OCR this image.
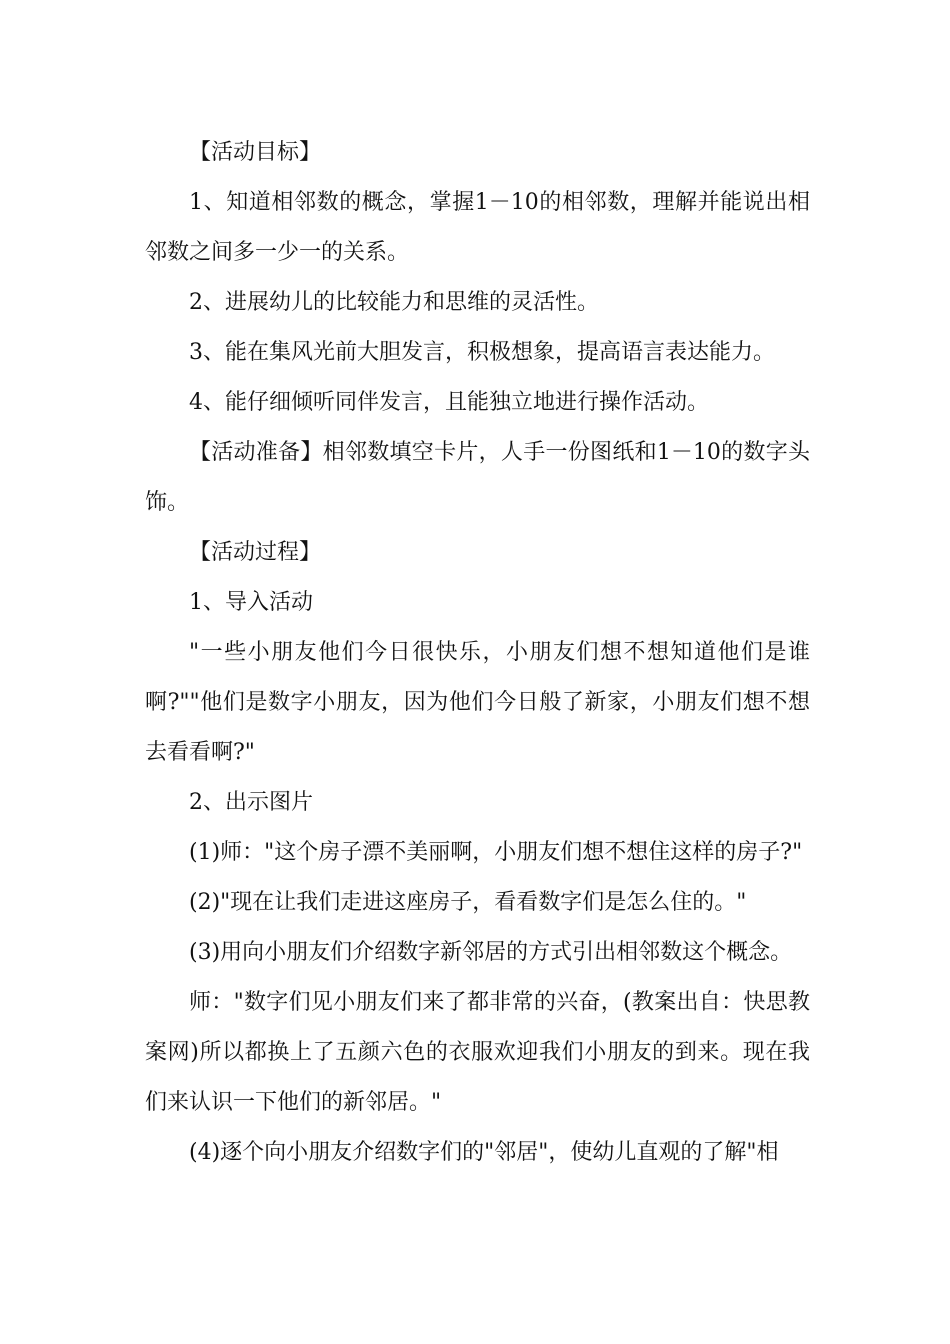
【活动目标】

1、知道相邻数的概念，掌握1－10的相邻数，理解并能说出相邻数之间多一少一的关系。

2、进展幼儿的比较能力和思维的灵活性。

3、能在集风光前大胆发言，积极想象，提高语言表达能力。

4、能仔细倾听同伴发言，且能独立地进行操作活动。

【活动准备】相邻数填空卡片，人手一份图纸和1－10的数字头饰。

【活动过程】

1、导入活动

"一些小朋友他们今日很快乐，小朋友们想不想知道他们是谁啊?""他们是数字小朋友，因为他们今日般了新家，小朋友们想不想去看看啊?"

2、出示图片

(1)师："这个房子漂不美丽啊，小朋友们想不想住这样的房子?"

(2)"现在让我们走进这座房子，看看数字们是怎么住的。"

(3)用向小朋友们介绍数字新邻居的方式引出相邻数这个概念。

师："数字们见小朋友们来了都非常的兴奋，(教案出自：快思教案网)所以都换上了五颜六色的衣服欢迎我们小朋友的到来。现在我们来认识一下他们的新邻居。"

(4)逐个向小朋友介绍数字们的"邻居"，使幼儿直观的了解"相
